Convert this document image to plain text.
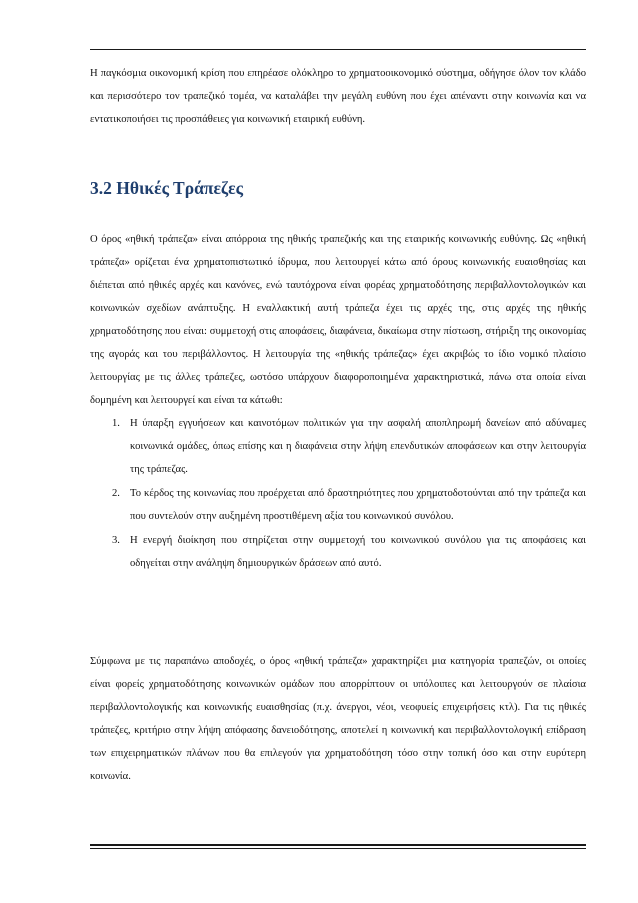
Η παγκόσμια οικονομική κρίση που επηρέασε ολόκληρο το χρηματοοικονομικό σύστημα, οδήγησε όλον τον κλάδο και περισσότερο τον τραπεζικό τομέα, να καταλάβει την μεγάλη ευθύνη που έχει απέναντι στην κοινωνία και να εντατικοποιήσει τις προσπάθειες για κοινωνική εταιρική ευθύνη.

3.2 Ηθικές Τράπεζες

Ο όρος «ηθική τράπεζα» είναι απόρροια της ηθικής τραπεζικής και της εταιρικής κοινωνικής ευθύνης. Ως «ηθική τράπεζα» ορίζεται ένα χρηματοπιστωτικό ίδρυμα, που λειτουργεί κάτω από όρους κοινωνικής ευαισθησίας και διέπεται από ηθικές αρχές και κανόνες, ενώ ταυτόχρονα είναι φορέας χρηματοδότησης περιβαλλοντολογικών και κοινωνικών σχεδίων ανάπτυξης. Η εναλλακτική αυτή τράπεζα έχει τις αρχές της, στις αρχές της ηθικής χρηματοδότησης που είναι: συμμετοχή στις αποφάσεις, διαφάνεια, δικαίωμα στην πίστωση, στήριξη της οικονομίας της αγοράς και του περιβάλλοντος. Η λειτουργία της «ηθικής τράπεζας» έχει ακριβώς το ίδιο νομικό πλαίσιο λειτουργίας με τις άλλες τράπεζες, ωστόσο υπάρχουν διαφοροποιημένα χαρακτηριστικά, πάνω στα οποία είναι δομημένη και λειτουργεί και είναι τα κάτωθι:

1. Η ύπαρξη εγγυήσεων και καινοτόμων πολιτικών για την ασφαλή αποπληρωμή δανείων από αδύναμες κοινωνικά ομάδες, όπως επίσης και η διαφάνεια στην λήψη επενδυτικών αποφάσεων και στην λειτουργία της τράπεζας.
2. Το κέρδος της κοινωνίας που προέρχεται από δραστηριότητες που χρηματοδοτούνται από την τράπεζα και που συντελούν στην αυξημένη προστιθέμενη αξία του κοινωνικού συνόλου.
3. Η ενεργή διοίκηση που στηρίζεται στην συμμετοχή του κοινωνικού συνόλου για τις αποφάσεις και οδηγείται στην ανάληψη δημιουργικών δράσεων από αυτό.

Σύμφωνα με τις παραπάνω αποδοχές, ο όρος «ηθική τράπεζα» χαρακτηρίζει μια κατηγορία τραπεζών, οι οποίες είναι φορείς χρηματοδότησης κοινωνικών ομάδων που απορρίπτουν οι υπόλοιπες και λειτουργούν σε πλαίσια περιβαλλοντολογικής και κοινωνικής ευαισθησίας (π.χ. άνεργοι, νέοι, νεοφυείς επιχειρήσεις κτλ). Για τις ηθικές τράπεζες, κριτήριο στην λήψη απόφασης δανειοδότησης, αποτελεί η κοινωνική και περιβαλλοντολογική επίδραση των επιχειρηματικών πλάνων που θα επιλεγούν για χρηματοδότηση τόσο στην τοπική όσο και στην ευρύτερη κοινωνία.
